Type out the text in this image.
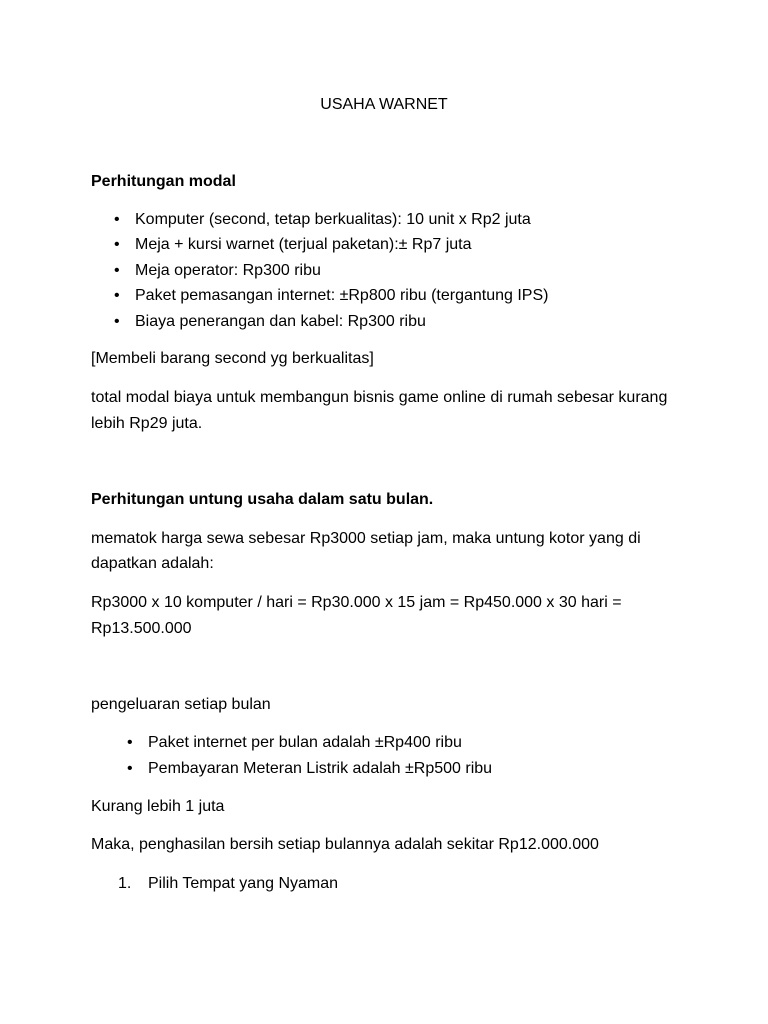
USAHA WARNET

Perhitungan modal

• Komputer (second, tetap berkualitas): 10 unit x Rp2 juta

• Meja + kursi warnet (terjual paketan):± Rp7 juta

• Meja operator: Rp300 ribu

• Paket pemasangan internet: ±Rp800 ribu (tergantung IPS)

• Biaya penerangan dan kabel: Rp300 ribu

[Membeli barang second yg berkualitas]

total modal biaya untuk membangun bisnis game online di rumah sebesar kurang

lebih Rp29 juta.

Perhitungan untung usaha dalam satu bulan.

mematok harga sewa sebesar Rp3000 setiap jam, maka untung kotor yang di

dapatkan adalah:

Rp3000 x 10 komputer / hari = Rp30.000 x 15 jam = Rp450.000 x 30 hari =

Rp13.500.000

pengeluaran setiap bulan

• Paket internet per bulan adalah ±Rp400 ribu

• Pembayaran Meteran Listrik adalah ±Rp500 ribu

Kurang lebih 1 juta

Maka, penghasilan bersih setiap bulannya adalah sekitar Rp12.000.000

1. Pilih Tempat yang Nyaman
